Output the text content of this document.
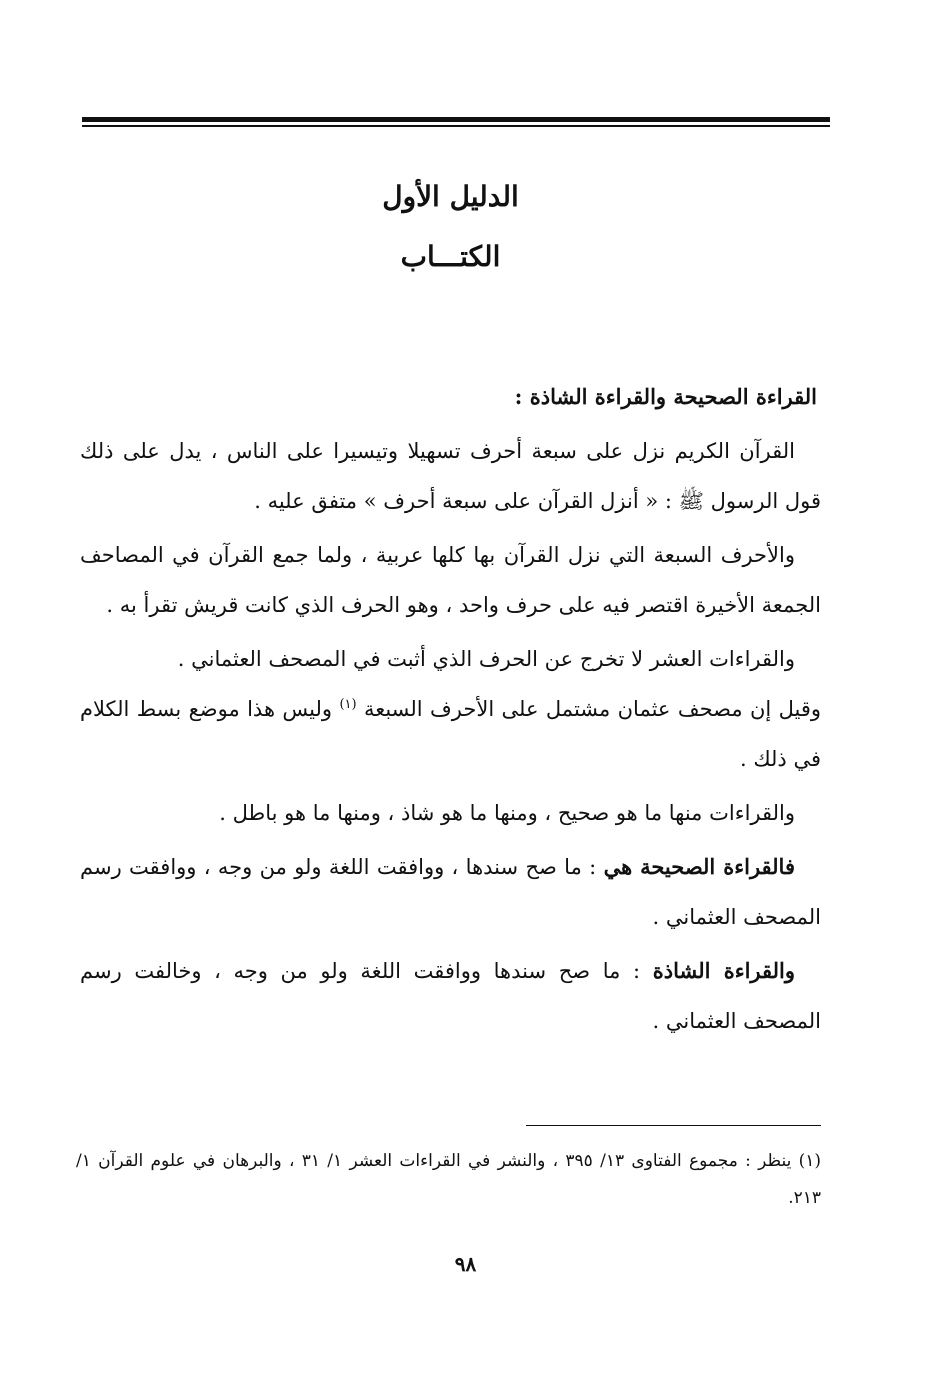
الدليل الأول
الكتـــاب

القراءة الصحيحة والقراءة الشاذة :

القرآن الكريم نزل على سبعة أحرف تسهيلا وتيسيرا على الناس ، يدل على ذلك قول الرسول ﷺ : « أنزل القرآن على سبعة أحرف » متفق عليه .

والأحرف السبعة التي نزل القرآن بها كلها عربية ، ولما جمع القرآن في المصاحف الجمعة الأخيرة اقتصر فيه على حرف واحد ، وهو الحرف الذي كانت قريش تقرأ به .

والقراءات العشر لا تخرج عن الحرف الذي أثبت في المصحف العثماني .
وقيل إن مصحف عثمان مشتمل على الأحرف السبعة $^{(١)}$ وليس هذا موضع بسط الكلام في ذلك .

والقراءات منها ما هو صحيح ، ومنها ما هو شاذ ، ومنها ما هو باطل .

فالقراءة الصحيحة هي : ما صح سندها ، ووافقت اللغة ولو من وجه ، ووافقت رسم المصحف العثماني .

والقراءة الشاذة : ما صح سندها ووافقت اللغة ولو من وجه ، وخالفت رسم المصحف العثماني .

(١) ينظر : مجموع الفتاوى ١٣/ ٣٩٥ ، والنشر في القراءات العشر ١/ ٣١ ، والبرهان في علوم القرآن ١/ ٢١٣.
٩٨
